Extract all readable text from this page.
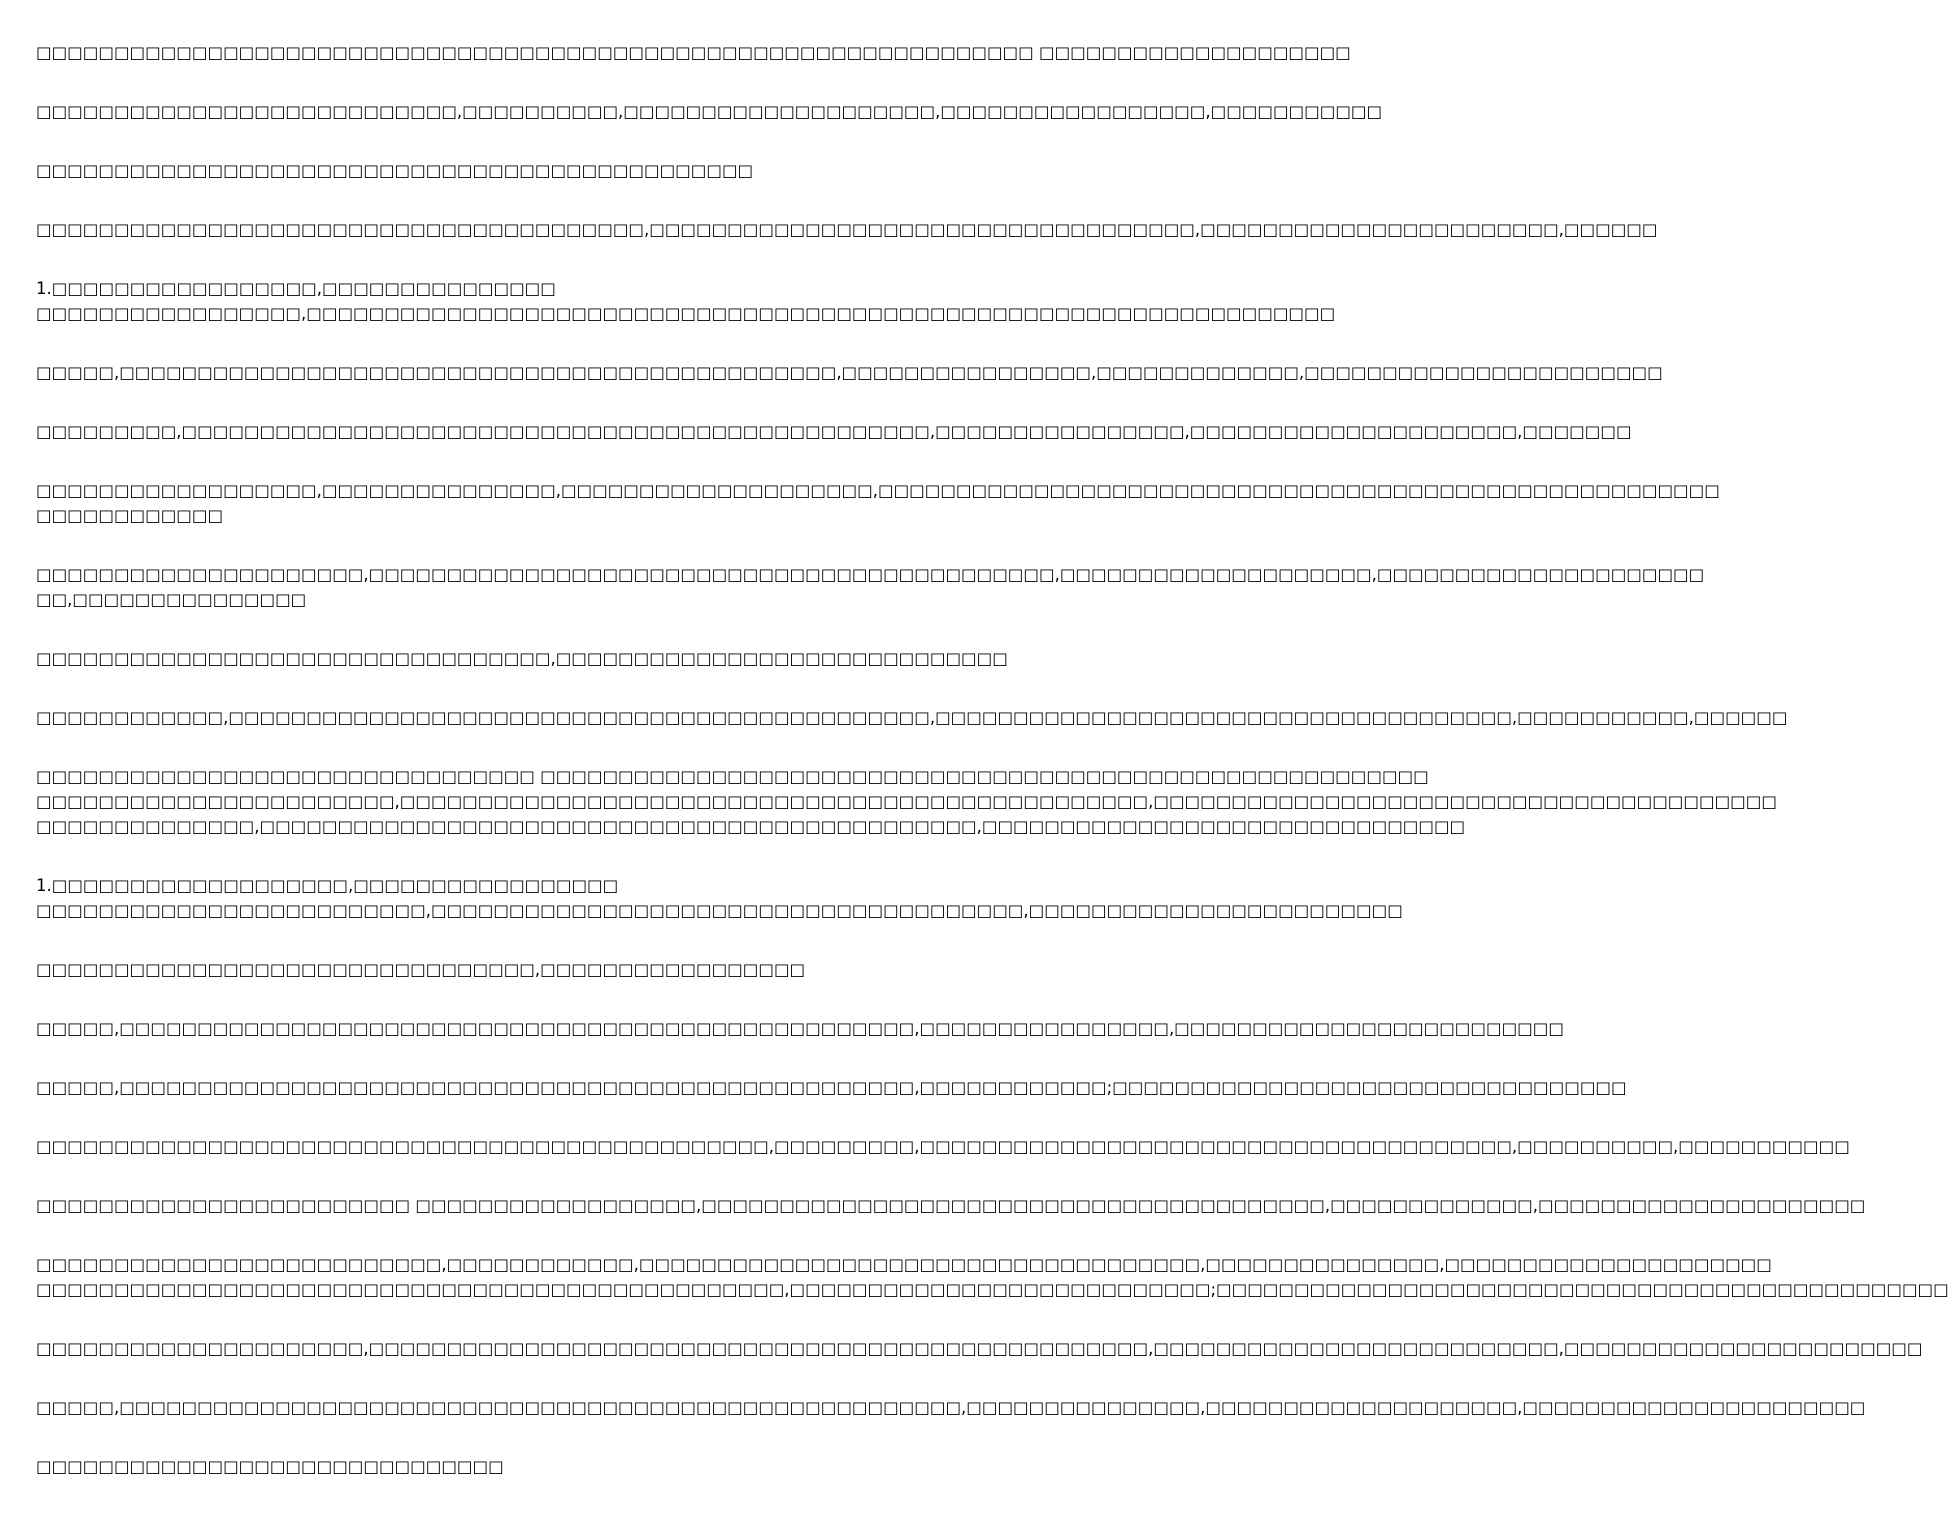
□□□□□□□□□□□□□□□□□□□□□□□□□□□□□□□□□□□□□□□□□□□□□□□□□□□□□□□□□□□□□□□□ □□□□□□□□□□□□□□□□□□□□
□□□□□□□□□□□□□□□□□□□□□□□□□□□,□□□□□□□□□□,□□□□□□□□□□□□□□□□□□□□,□□□□□□□□□□□□□□□□□,□□□□□□□□□□□
□□□□□□□□□□□□□□□□□□□□□□□□□□□□□□□□□□□□□□□□□□□□□□
□□□□□□□□□□□□□□□□□□□□□□□□□□□□□□□□□□□□□□□,□□□□□□□□□□□□□□□□□□□□□□□□□□□□□□□□□□□,□□□□□□□□□□□□□□□□□□□□□□□,□□□□□□
1.□□□□□□□□□□□□□□□□□,□□□□□□□□□□□□□□□
□□□□□□□□□□□□□□□□□,□□□□□□□□□□□□□□□□□□□□□□□□□□□□□□□□□□□□□□□□□□□□□□□□□□□□□□□□□□□□□□□□□□
□□□□□,□□□□□□□□□□□□□□□□□□□□□□□□□□□□□□□□□□□□□□□□□□□□□□,□□□□□□□□□□□□□□□□,□□□□□□□□□□□□□,□□□□□□□□□□□□□□□□□□□□□□□
□□□□□□□□□,□□□□□□□□□□□□□□□□□□□□□□□□□□□□□□□□□□□□□□□□□□□□□□□□,□□□□□□□□□□□□□□□□,□□□□□□□□□□□□□□□□□□□□□,□□□□□□□
□□□□□□□□□□□□□□□□□□,□□□□□□□□□□□□□□□,□□□□□□□□□□□□□□□□□□□□,□□□□□□□□□□□□□□□□□□□□□□□□□□□□□□□□□□□□□□□□□□□□□□□□□□□□□□
□□□□□□□□□□□□
□□□□□□□□□□□□□□□□□□□□□,□□□□□□□□□□□□□□□□□□□□□□□□□□□□□□□□□□□□□□□□□□□□,□□□□□□□□□□□□□□□□□□□□,□□□□□□□□□□□□□□□□□□□□□
□□,□□□□□□□□□□□□□□□
□□□□□□□□□□□□□□□□□□□□□□□□□□□□□□□□□,□□□□□□□□□□□□□□□□□□□□□□□□□□□□□
□□□□□□□□□□□□,□□□□□□□□□□□□□□□□□□□□□□□□□□□□□□□□□□□□□□□□□□□□□,□□□□□□□□□□□□□□□□□□□□□□□□□□□□□□□□□□□□□,□□□□□□□□□□□,□□□□□□
□□□□□□□□□□□□□□□□□□□□□□□□□□□□□□□□ □□□□□□□□□□□□□□□□□□□□□□□□□□□□□□□□□□□□□□□□□□□□□□□□□□□□□□□□□
□□□□□□□□□□□□□□□□□□□□□□□,□□□□□□□□□□□□□□□□□□□□□□□□□□□□□□□□□□□□□□□□□□□□□□□□,□□□□□□□□□□□□□□□□□□□□□□□□□□□□□□□□□□□□□□□□
□□□□□□□□□□□□□□,□□□□□□□□□□□□□□□□□□□□□□□□□□□□□□□□□□□□□□□□□□□□□□,□□□□□□□□□□□□□□□□□□□□□□□□□□□□□□□
1.□□□□□□□□□□□□□□□□□□□,□□□□□□□□□□□□□□□□□
□□□□□□□□□□□□□□□□□□□□□□□□□,□□□□□□□□□□□□□□□□□□□□□□□□□□□□□□□□□□□□□□,□□□□□□□□□□□□□□□□□□□□□□□□
□□□□□□□□□□□□□□□□□□□□□□□□□□□□□□□□,□□□□□□□□□□□□□□□□□
□□□□□,□□□□□□□□□□□□□□□□□□□□□□□□□□□□□□□□□□□□□□□□□□□□□□□□□□□,□□□□□□□□□□□□□□□□,□□□□□□□□□□□□□□□□□□□□□□□□□
□□□□□,□□□□□□□□□□□□□□□□□□□□□□□□□□□□□□□□□□□□□□□□□□□□□□□□□□□,□□□□□□□□□□□□;□□□□□□□□□□□□□□□□□□□□□□□□□□□□□□□□□
□□□□□□□□□□□□□□□□□□□□□□□□□□□□□□□□□□□□□□□□□□□□□□□,□□□□□□□□□,□□□□□□□□□□□□□□□□□□□□□□□□□□□□□□□□□□□□□□,□□□□□□□□□□,□□□□□□□□□□□
□□□□□□□□□□□□□□□□□□□□□□□□ □□□□□□□□□□□□□□□□□□,□□□□□□□□□□□□□□□□□□□□□□□□□□□□□□□□□□□□□□□□,□□□□□□□□□□□□□,□□□□□□□□□□□□□□□□□□□□□
□□□□□□□□□□□□□□□□□□□□□□□□□□,□□□□□□□□□□□□,□□□□□□□□□□□□□□□□□□□□□□□□□□□□□□□□□□□□,□□□□□□□□□□□□□□□,□□□□□□□□□□□□□□□□□□□□□
□□□□□□□□□□□□□□□□□□□□□□□□□□□□□□□□□□□□□□□□□□□□□□□□,□□□□□□□□□□□□□□□□□□□□□□□□□□□;□□□□□□□□□□□□□□□□□□□□□□□□□□□□□□□□□□□□□□□□□□□□□□□
□□□□□□□□□□□□□□□□□□□□□,□□□□□□□□□□□□□□□□□□□□□□□□□□□□□□□□□□□□□□□□□□□□□□□□□□,□□□□□□□□□□□□□□□□□□□□□□□□□□,□□□□□□□□□□□□□□□□□□□□□□□
□□□□□,□□□□□□□□□□□□□□□□□□□□□□□□□□□□□□□□□□□□□□□□□□□□□□□□□□□□□□,□□□□□□□□□□□□□□□,□□□□□□□□□□□□□□□□□□□□,□□□□□□□□□□□□□□□□□□□□□□
□□□□□□□□□□□□□□□□□□□□□□□□□□□□□□
